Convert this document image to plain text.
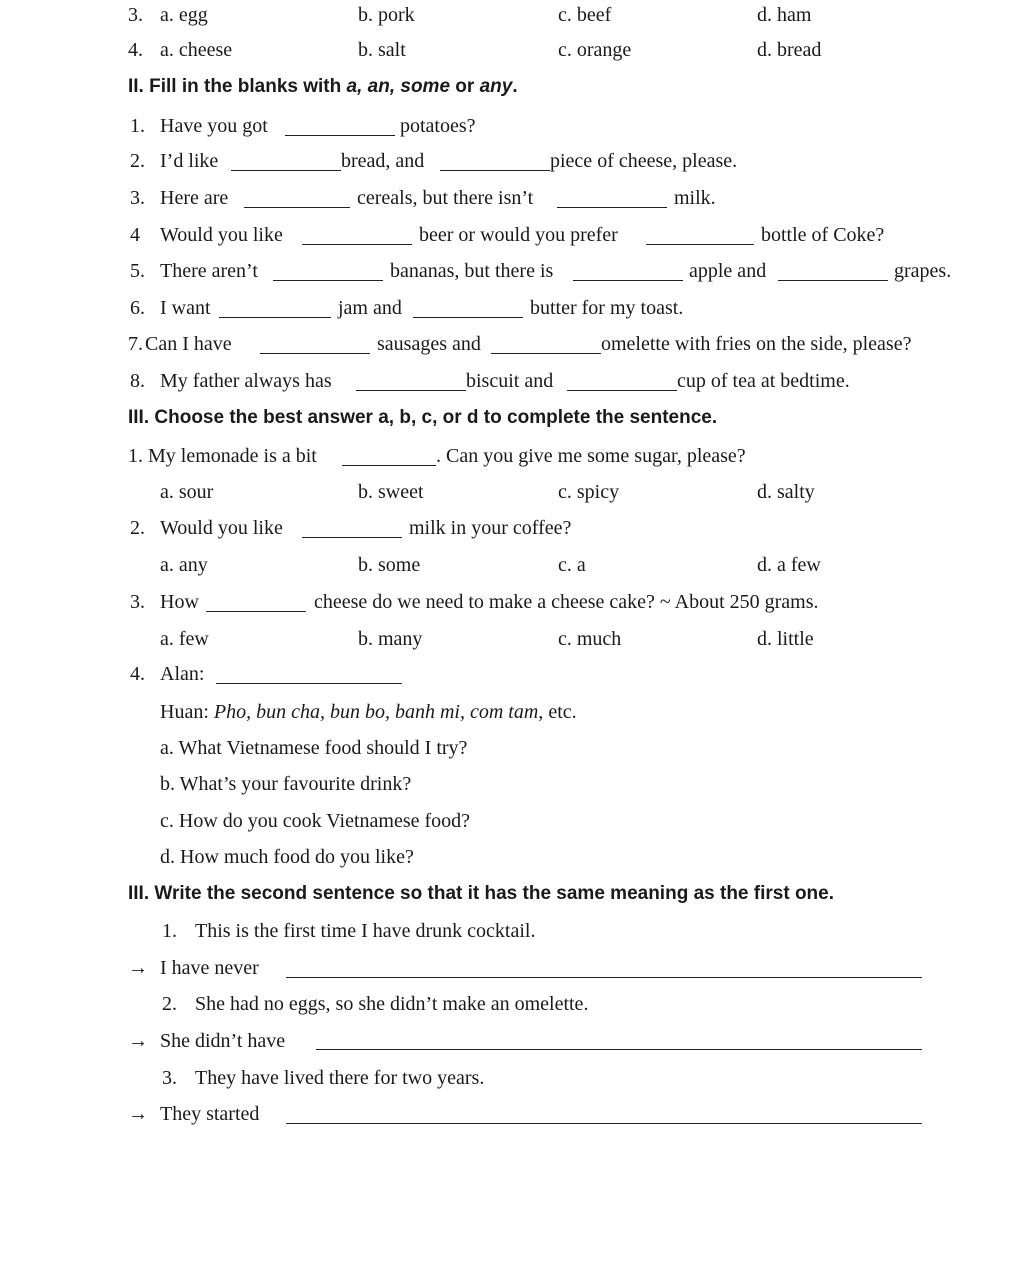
3. a. egg	b. pork	c. beef	d. ham
4. a. cheese	b. salt	c. orange	d. bread
II. Fill in the blanks with a, an, some or any.
1. Have you got	potatoes?
2. I’d like	bread, and	piece of cheese, please.
3. Here are	cereals, but there isn’t	milk.
4 Would you like	beer or would you prefer	bottle of Coke?
5. There aren’t	bananas, but there is	apple and	grapes.
6. I want	jam and	butter for my toast.
7. Can I have	sausages and	omelette with fries on the side, please?
8. My father always has	biscuit and	cup of tea at bedtime.
III. Choose the best answer a, b, c, or d to complete the sentence.
1. My lemonade is a bit	. Can you give me some sugar, please?
a. sour	b. sweet	c. spicy	d. salty
2. Would you like	milk in your coffee?
a. any	b. some	c. a	d. a few
3. How	cheese do we need to make a cheese cake? ~ About 250 grams.
a. few	b. many	c. much	d. little
4. Alan:
Huan: Pho, bun cha, bun bo, banh mi, com tam, etc.
a. What Vietnamese food should I try?
b. What’s your favourite drink?
c. How do you cook Vietnamese food?
d. How much food do you like?
III. Write the second sentence so that it has the same meaning as the first one.
1. This is the first time I have drunk cocktail.
→ I have never
2. She had no eggs, so she didn’t make an omelette.
→ She didn’t have
3. They have lived there for two years.
→ They started
